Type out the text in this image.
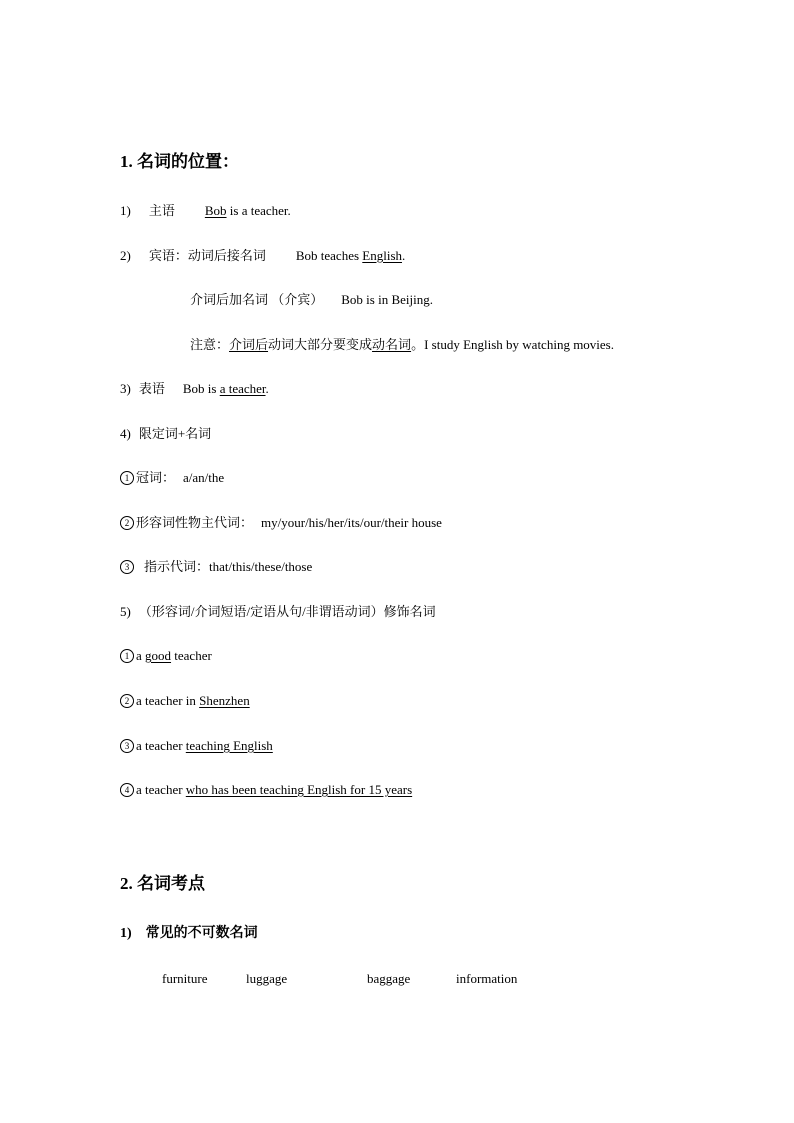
1. 名词的位置：
1) 主语 Bob is a teacher.
2) 宾语：动词后接名词 Bob teaches English.
介词后加名词 （介宾） Bob is in Beijing.
注意：介词后动词大部分要变成动名词。I study English by watching movies.
3) 表语 Bob is a teacher.
4) 限定词+名词
1 冠词： a/an/the
2 形容词性物主代词： my/your/his/her/its/our/their house
3 指示代词：that/this/these/those
5) （形容词/介词短语/定语从句/非谓语动词）修饰名词
1 a good teacher
2 a teacher in Shenzhen
3 a teacher teaching English
4 a teacher who has been teaching English for 15 years
2. 名词考点
1)　常见的不可数名词
furniture	luggage	baggage	information
